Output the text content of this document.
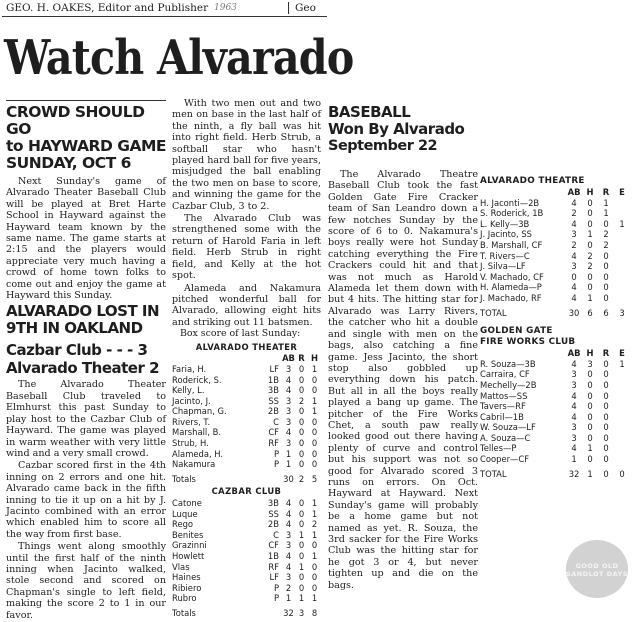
GEO. H. OAKES, Editor and Publisher 1963	Geo
Watch Alvarado
CROWD SHOULD GO
to HAYWARD GAME
SUNDAY, OCT 6

Next Sunday's game of Alvarado Theater Baseball Club will be played at Bret Harte School in Hayward against the Hayward team known by the same name. The game starts at 2:15 and the players would appreciate very much having a crowd of home town folks to come out and enjoy the game at Hayward this Sunday.

ALVARADO LOST IN
9TH IN OAKLAND
Cazbar Club - - - 3
Alvarado Theater 2

The Alvarado Theater Baseball Club traveled to Elmhurst this past Sunday to play host to the Cazbar Club of Hayward. The game was played in warm weather with very little wind and a very small crowd.

Cazbar scored first in the 4th inning on 2 errors and one hit. Alvarado came back in the fifth inning to tie it up on a hit by J. Jacinto combined with an error which enabled him to score all the way from first base.

Things went along smoothly until the first half of the ninth inning when Jacinto walked, stole second and scored on Chapman's single to left field, making the score 2 to 1 in our favor.

With two men out and two men on base in the last half of the ninth, a fly ball was hit into right field. Herb Strub, a softball star who hasn't played hard ball for five years, misjudged the ball enabling the two men on base to score, and winning the game for the Cazbar Club, 3 to 2.

The Alvarado Club was strengthened some with the return of Harold Faria in left field. Herb Strub in right field, and Kelly at the hot spot.

Alameda and Nakamura pitched wonderful ball for Alvarado, allowing eight hits and striking out 11 batsmen.

Box score of last Sunday:
ALVARADO THEATER
		AB	R	H
Faria, H.	LF	3	0	1
Roderick, S.	1B	4	0	0
Kelly, L.	3B	4	0	0
Jacinto, J.	SS	3	2	1
Chapman, G.	2B	3	0	1
Rivers, T.	C	3	0	0
Marshall, B.	CF	4	0	0
Strub, H.	RF	3	0	0
Alameda, H.	P	1	0	0
Nakamura	P	1	0	0
Totals		30	2	5
CAZBAR CLUB
Catone	3B	4	0	1
Luque	SS	4	0	1
Rego	2B	4	0	2
Benites	C	3	1	1
Grazinni	CF	3	0	0
Howlett	1B	4	0	1
Vlas	RF	4	1	0
Haines	LF	3	0	0
Ribiero	P	2	0	0
Rubro	P	1	1	1
Totals		32	3	8
BASEBALL
Won By Alvarado
September 22

The Alvarado Theatre Baseball Club took the fast Golden Gate Fire Cracker team of San Leandro down a few notches Sunday by the score of 6 to 0. Nakamura's boys really were hot Sunday catching everything the Fire Crackers could hit and that was not much as Harold Alameda let them down with but 4 hits. The hitting star for Alvarado was Larry Rivers, the catcher who hit a double and single with men on the bags, also catching a fine game. Jess Jacinto, the short stop also gobbled up everything down his patch. But all in all the boys really played a bang up game. The pitcher of the Fire Works Chet, a south paw really looked good out there having plenty of curve and control but his support was not so good for Alvarado scored 3 runs on errors. On Oct. Hayward at Hayward. Next Sunday's game will probably be a home game but not named as yet. R. Souza, the 3rd sacker for the Fire Works Club was the hitting star for he got 3 or 4, but never tighten up and die on the bags.

ALVARADO THEATRE
	AB	H	R	E
H. Jaconti—2B	4	0	1	
S. Roderick, 1B	2	0	1	
L. Kelly—3B	4	0	0	1
J. Jacinto, SS	3	1	2	
B. Marshall, CF	2	0	2	
T. Rivers—C	4	2	0	
J. Silva—LF	3	2	0	
V. Machado, CF	0	0	0	
H. Alameda—P	4	0	0	
J. Machado, RF	4	1	0	
TOTAL	30	6	6	3
GOLDEN GATE
FIRE WORKS CLUB
	AB	H	R	E
R. Souza—3B	4	3	0	1
Carraira, CF	3	0	0	
Mechelly—2B	3	0	0	
Mattos—SS	4	0	0	
Tavers—RF	4	0	0	
Cabril—1B	4	0	0	
W. Souza—LF	3	0	0	
A. Souza—C	3	0	0	
Telles—P	4	1	0	
Cooper—CF	1	0	0	
TOTAL	32	1	0	0
GOOD OLD
SANDLOT DAYS
